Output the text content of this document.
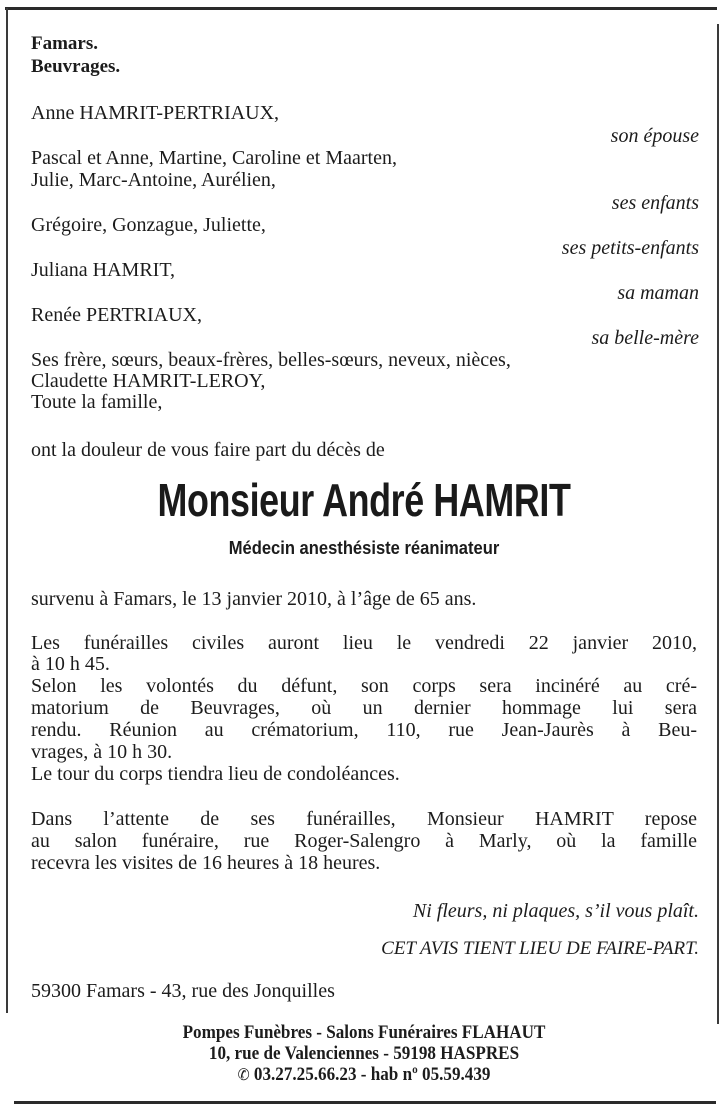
Famars.
Beuvrages.
Anne HAMRIT-PERTRIAUX,
son épouse
Pascal et Anne, Martine, Caroline et Maarten,
Julie, Marc-Antoine, Aurélien,
ses enfants
Grégoire, Gonzague, Juliette,
ses petits-enfants
Juliana HAMRIT,
sa maman
Renée PERTRIAUX,
sa belle-mère
Ses frère, sœurs, beaux-frères, belles-sœurs, neveux, nièces,
Claudette HAMRIT-LEROY,
Toute la famille,
ont la douleur de vous faire part du décès de
Monsieur André HAMRIT
Médecin anesthésiste réanimateur
survenu à Famars, le 13 janvier 2010, à l’âge de 65 ans.
Les funérailles civiles auront lieu le vendredi 22 janvier 2010,
à 10 h 45.
Selon les volontés du défunt, son corps sera incinéré au cré-
matorium de Beuvrages, où un dernier hommage lui sera
rendu. Réunion au crématorium, 110, rue Jean-Jaurès à Beu-
vrages, à 10 h 30.
Le tour du corps tiendra lieu de condoléances.
Dans l’attente de ses funérailles, Monsieur HAMRIT repose
au salon funéraire, rue Roger-Salengro à Marly, où la famille
recevra les visites de 16 heures à 18 heures.
Ni fleurs, ni plaques, s’il vous plaît.
CET AVIS TIENT LIEU DE FAIRE-PART.
59300 Famars - 43, rue des Jonquilles
Pompes Funèbres - Salons Funéraires FLAHAUT
10, rue de Valenciennes - 59198 HASPRES
✆ 03.27.25.66.23 - hab nº 05.59.439
